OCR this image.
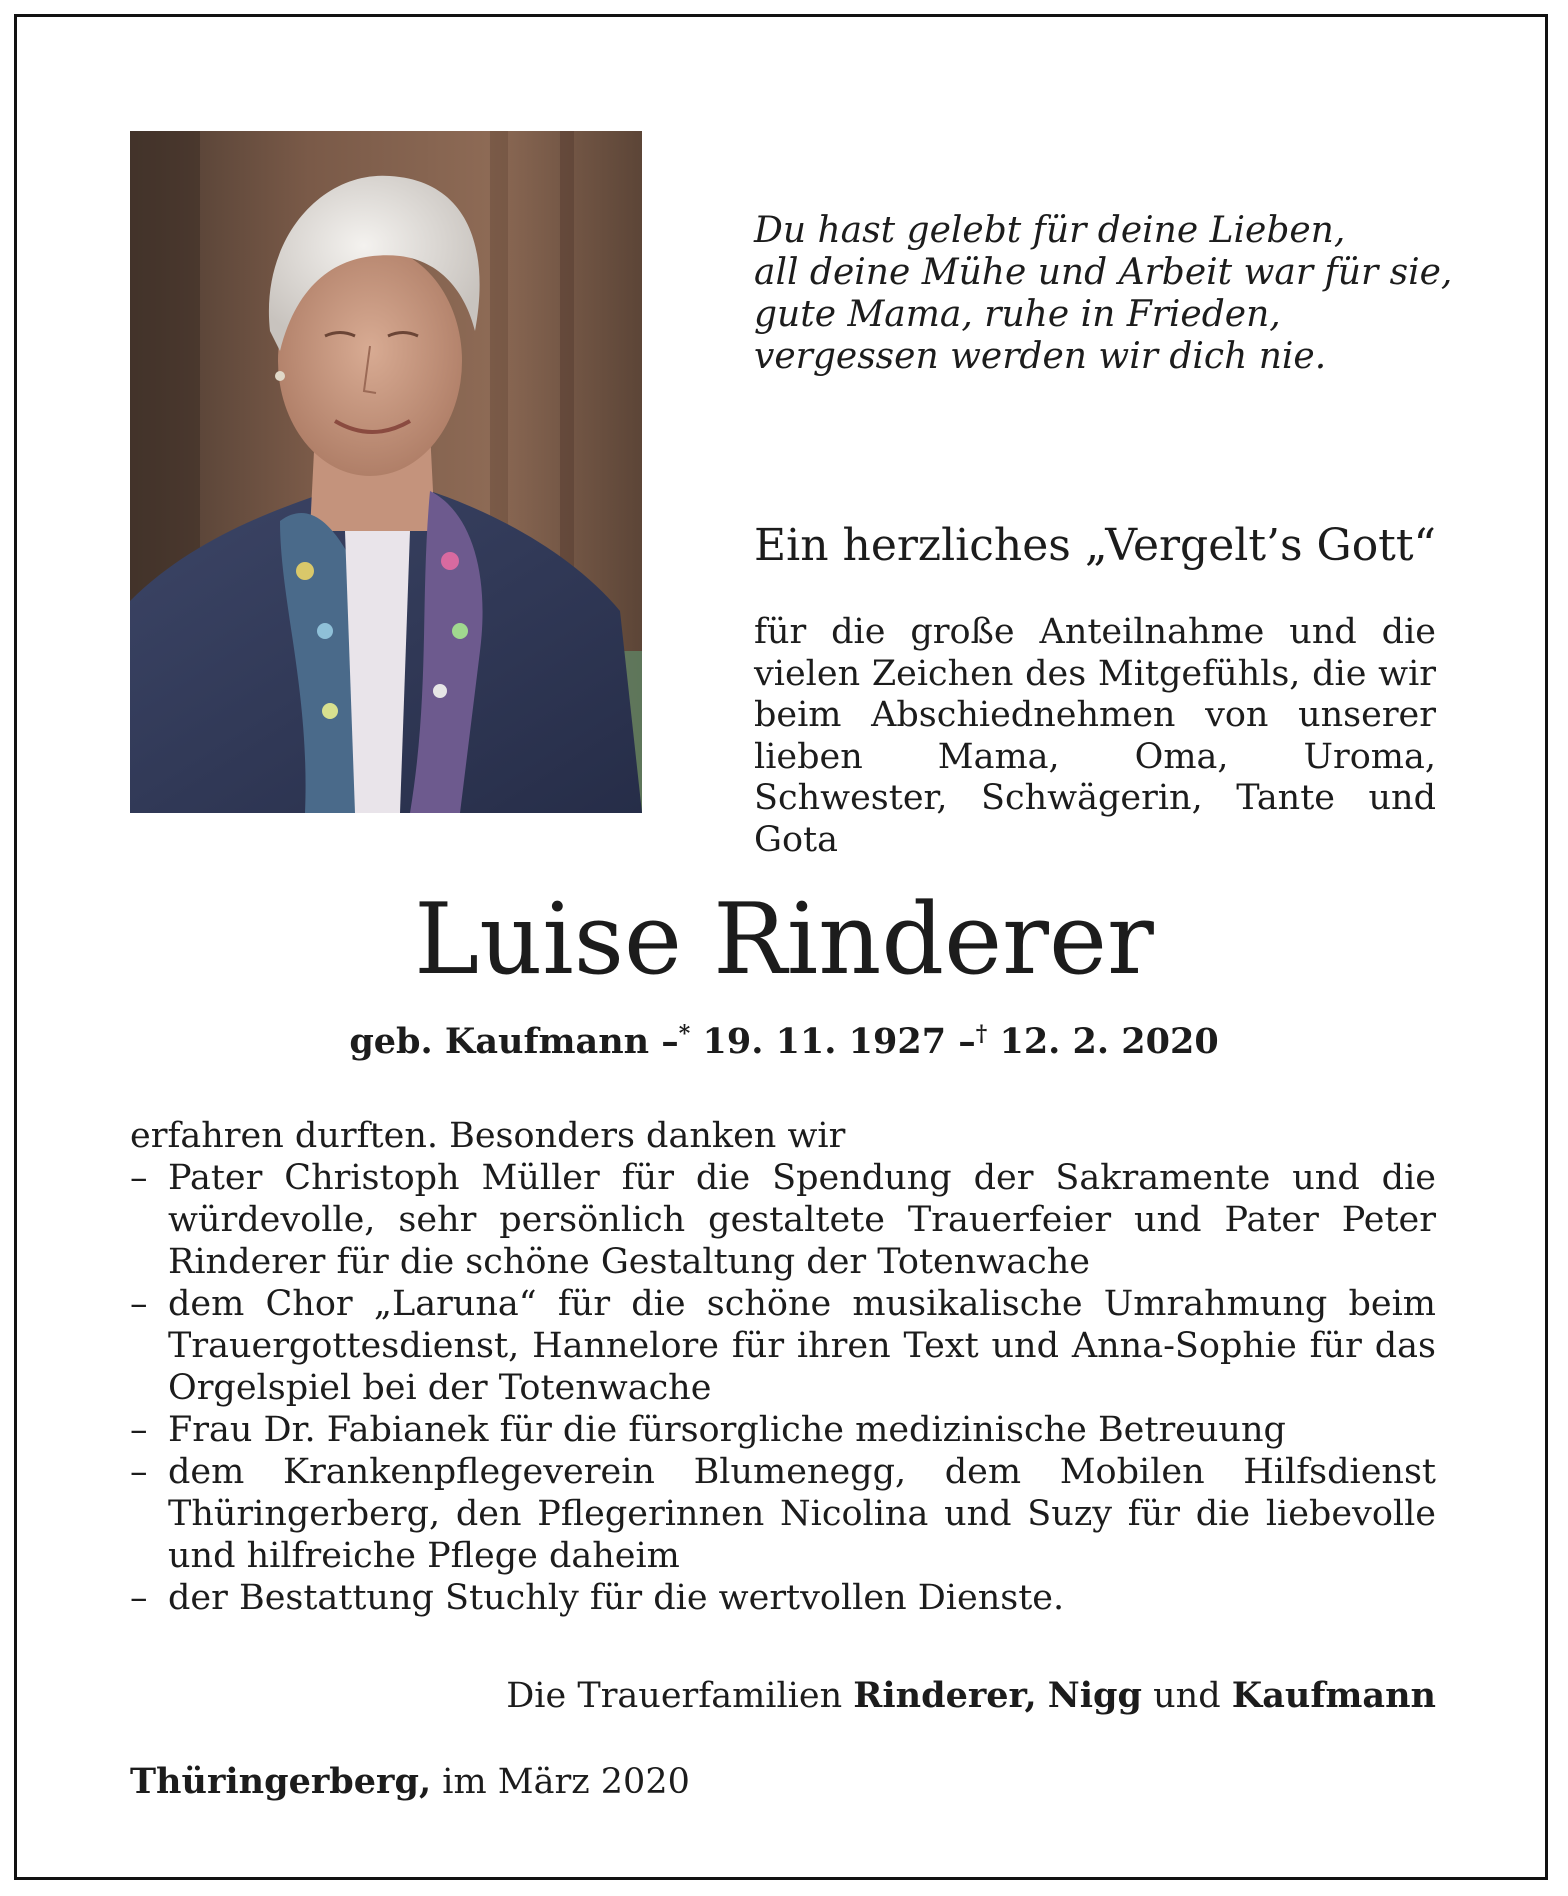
Du hast gelebt für deine Lieben,
all deine Mühe und Arbeit war für sie,
gute Mama, ruhe in Frieden,
vergessen werden wir dich nie.
Ein herzliches „Vergelt’s Gott“
für die große Anteilnahme und die vielen Zeichen des Mitgefühls, die wir beim Abschiednehmen von unserer lieben Mama, Oma, Uroma, Schwester, Schwägerin, Tante und Gota
Luise Rinderer
geb. Kaufmann –* 19. 11. 1927 –† 12. 2. 2020
erfahren durften. Besonders danken wir
– Pater Christoph Müller für die Spendung der Sakramente und die würdevolle, sehr persönlich gestaltete Trauerfeier und Pater Peter Rinderer für die schöne Gestaltung der Totenwache
– dem Chor „Laruna“ für die schöne musikalische Umrahmung beim Trauergottesdienst, Hannelore für ihren Text und Anna-Sophie für das Orgelspiel bei der Totenwache
– Frau Dr. Fabianek für die fürsorgliche medizinische Betreuung
– dem Krankenpflegeverein Blumenegg, dem Mobilen Hilfsdienst Thüringerberg, den Pflegerinnen Nicolina und Suzy für die liebevolle und hilfreiche Pflege daheim
– der Bestattung Stuchly für die wertvollen Dienste.
Die Trauerfamilien Rinderer, Nigg und Kaufmann
Thüringerberg, im März 2020
